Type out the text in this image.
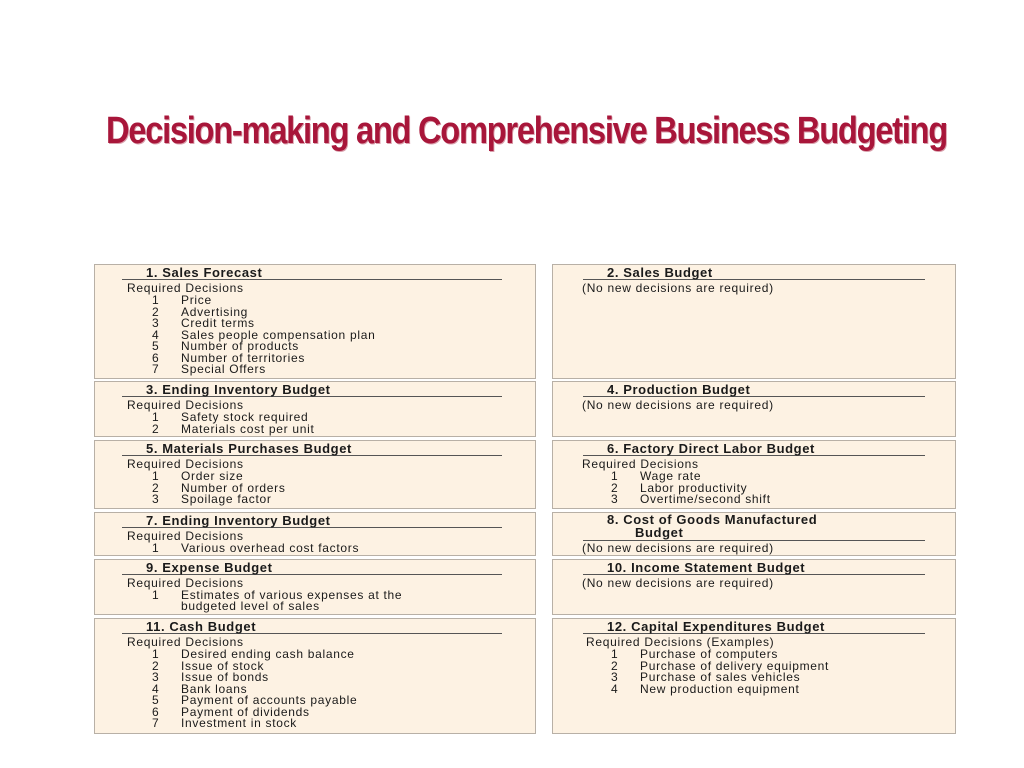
Decision-making and Comprehensive Business Budgeting
1. Sales Forecast
Required Decisions
1 Price
2 Advertising
3 Credit terms
4 Sales people compensation plan
5 Number of products
6 Number of territories
7 Special Offers
2. Sales Budget
(No new decisions are required)
3. Ending Inventory Budget
Required Decisions
1 Safety stock required
2 Materials cost per unit
4. Production Budget
(No new decisions are required)
5. Materials Purchases Budget
Required Decisions
1 Order size
2 Number of orders
3 Spoilage factor
6. Factory Direct Labor Budget
Required Decisions
1 Wage rate
2 Labor productivity
3 Overtime/second shift
7. Ending Inventory Budget
Required Decisions
1 Various overhead cost factors
8. Cost of Goods Manufactured
Budget
(No new decisions are required)
9. Expense Budget
Required Decisions
1 Estimates of various expenses at the
budgeted level of sales
10. Income Statement Budget
(No new decisions are required)
11. Cash Budget
Required Decisions
1 Desired ending cash balance
2 Issue of stock
3 Issue of bonds
4 Bank loans
5 Payment of accounts payable
6 Payment of dividends
7 Investment in stock
12. Capital Expenditures Budget
Required Decisions (Examples)
1 Purchase of computers
2 Purchase of delivery equipment
3 Purchase of sales vehicles
4 New production equipment
